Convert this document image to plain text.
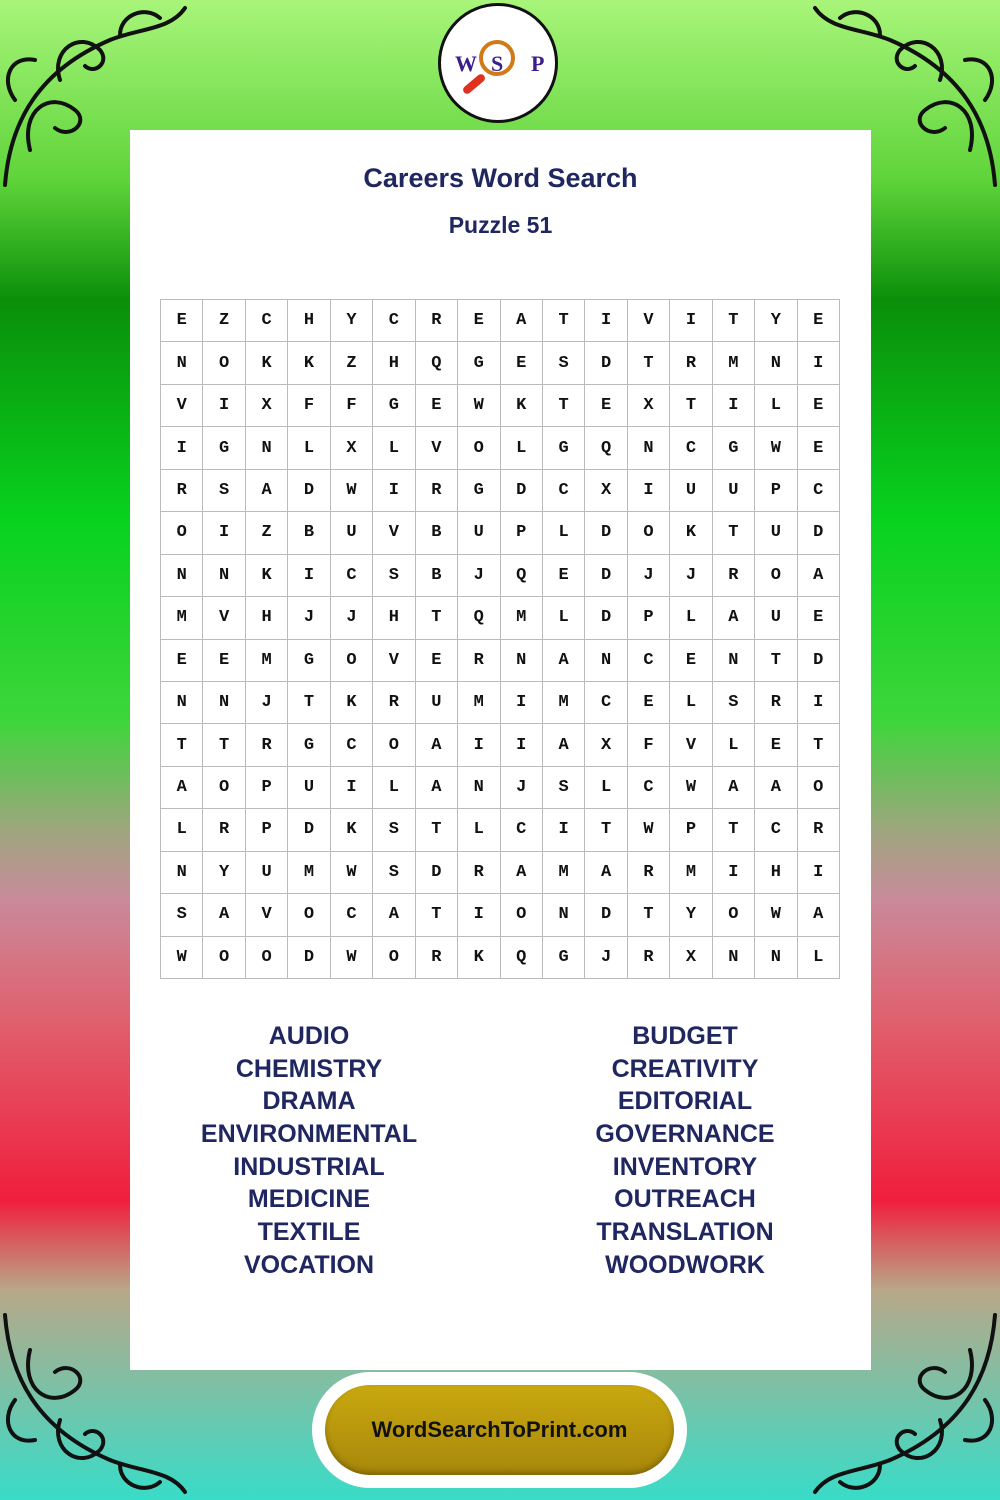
W S P
Careers Word Search
Puzzle 51
E	Z	C	H	Y	C	R	E	A	T	I	V	I	T	Y	E
N	O	K	K	Z	H	Q	G	E	S	D	T	R	M	N	I
V	I	X	F	F	G	E	W	K	T	E	X	T	I	L	E
I	G	N	L	X	L	V	O	L	G	Q	N	C	G	W	E
R	S	A	D	W	I	R	G	D	C	X	I	U	U	P	C
O	I	Z	B	U	V	B	U	P	L	D	O	K	T	U	D
N	N	K	I	C	S	B	J	Q	E	D	J	J	R	O	A
M	V	H	J	J	H	T	Q	M	L	D	P	L	A	U	E
E	E	M	G	O	V	E	R	N	A	N	C	E	N	T	D
N	N	J	T	K	R	U	M	I	M	C	E	L	S	R	I
T	T	R	G	C	O	A	I	I	A	X	F	V	L	E	T
A	O	P	U	I	L	A	N	J	S	L	C	W	A	A	O
L	R	P	D	K	S	T	L	C	I	T	W	P	T	C	R
N	Y	U	M	W	S	D	R	A	M	A	R	M	I	H	I
S	A	V	O	C	A	T	I	O	N	D	T	Y	O	W	A
W	O	O	D	W	O	R	K	Q	G	J	R	X	N	N	L
AUDIO
CHEMISTRY
DRAMA
ENVIRONMENTAL
INDUSTRIAL
MEDICINE
TEXTILE
VOCATION
BUDGET
CREATIVITY
EDITORIAL
GOVERNANCE
INVENTORY
OUTREACH
TRANSLATION
WOODWORK
WordSearchToPrint.com
